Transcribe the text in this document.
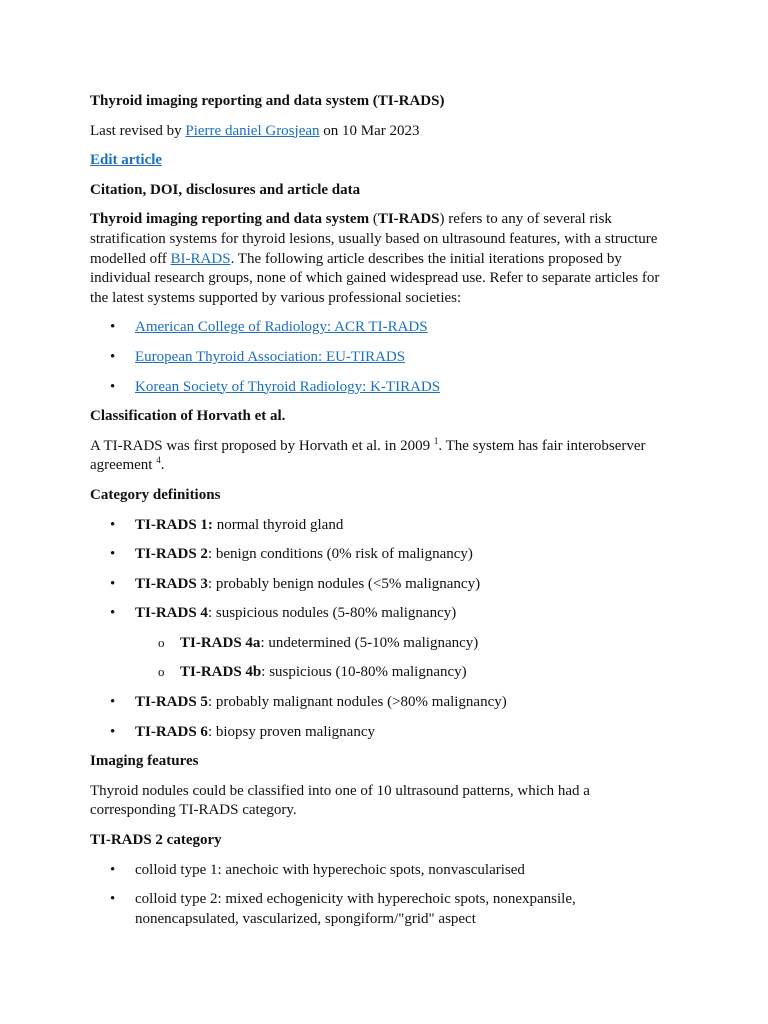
Thyroid imaging reporting and data system (TI-RADS)

Last revised by Pierre daniel Grosjean on 10 Mar 2023

Edit article

Citation, DOI, disclosures and article data

Thyroid imaging reporting and data system (TI-RADS) refers to any of several risk stratification systems for thyroid lesions, usually based on ultrasound features, with a structure modelled off BI-RADS. The following article describes the initial iterations proposed by individual research groups, none of which gained widespread use. Refer to separate articles for the latest systems supported by various professional societies:

• American College of Radiology: ACR TI-RADS
• European Thyroid Association: EU-TIRADS
• Korean Society of Thyroid Radiology: K-TIRADS
Classification of Horvath et al.

A TI-RADS was first proposed by Horvath et al. in 2009 $^1$. The system has fair interobserver agreement $^4$.

Category definitions
• TI-RADS 1: normal thyroid gland
• TI-RADS 2: benign conditions (0% risk of malignancy)
• TI-RADS 3: probably benign nodules (<5% malignancy)
• TI-RADS 4: suspicious nodules (5-80% malignancy)
o TI-RADS 4a: undetermined (5-10% malignancy)
o TI-RADS 4b: suspicious (10-80% malignancy)
• TI-RADS 5: probably malignant nodules (>80% malignancy)
• TI-RADS 6: biopsy proven malignancy
Imaging features

Thyroid nodules could be classified into one of 10 ultrasound patterns, which had a corresponding TI-RADS category.

TI-RADS 2 category
• colloid type 1: anechoic with hyperechoic spots, nonvascularised
• colloid type 2: mixed echogenicity with hyperechoic spots, nonexpansile, nonencapsulated, vascularized, spongiform/"grid" aspect
